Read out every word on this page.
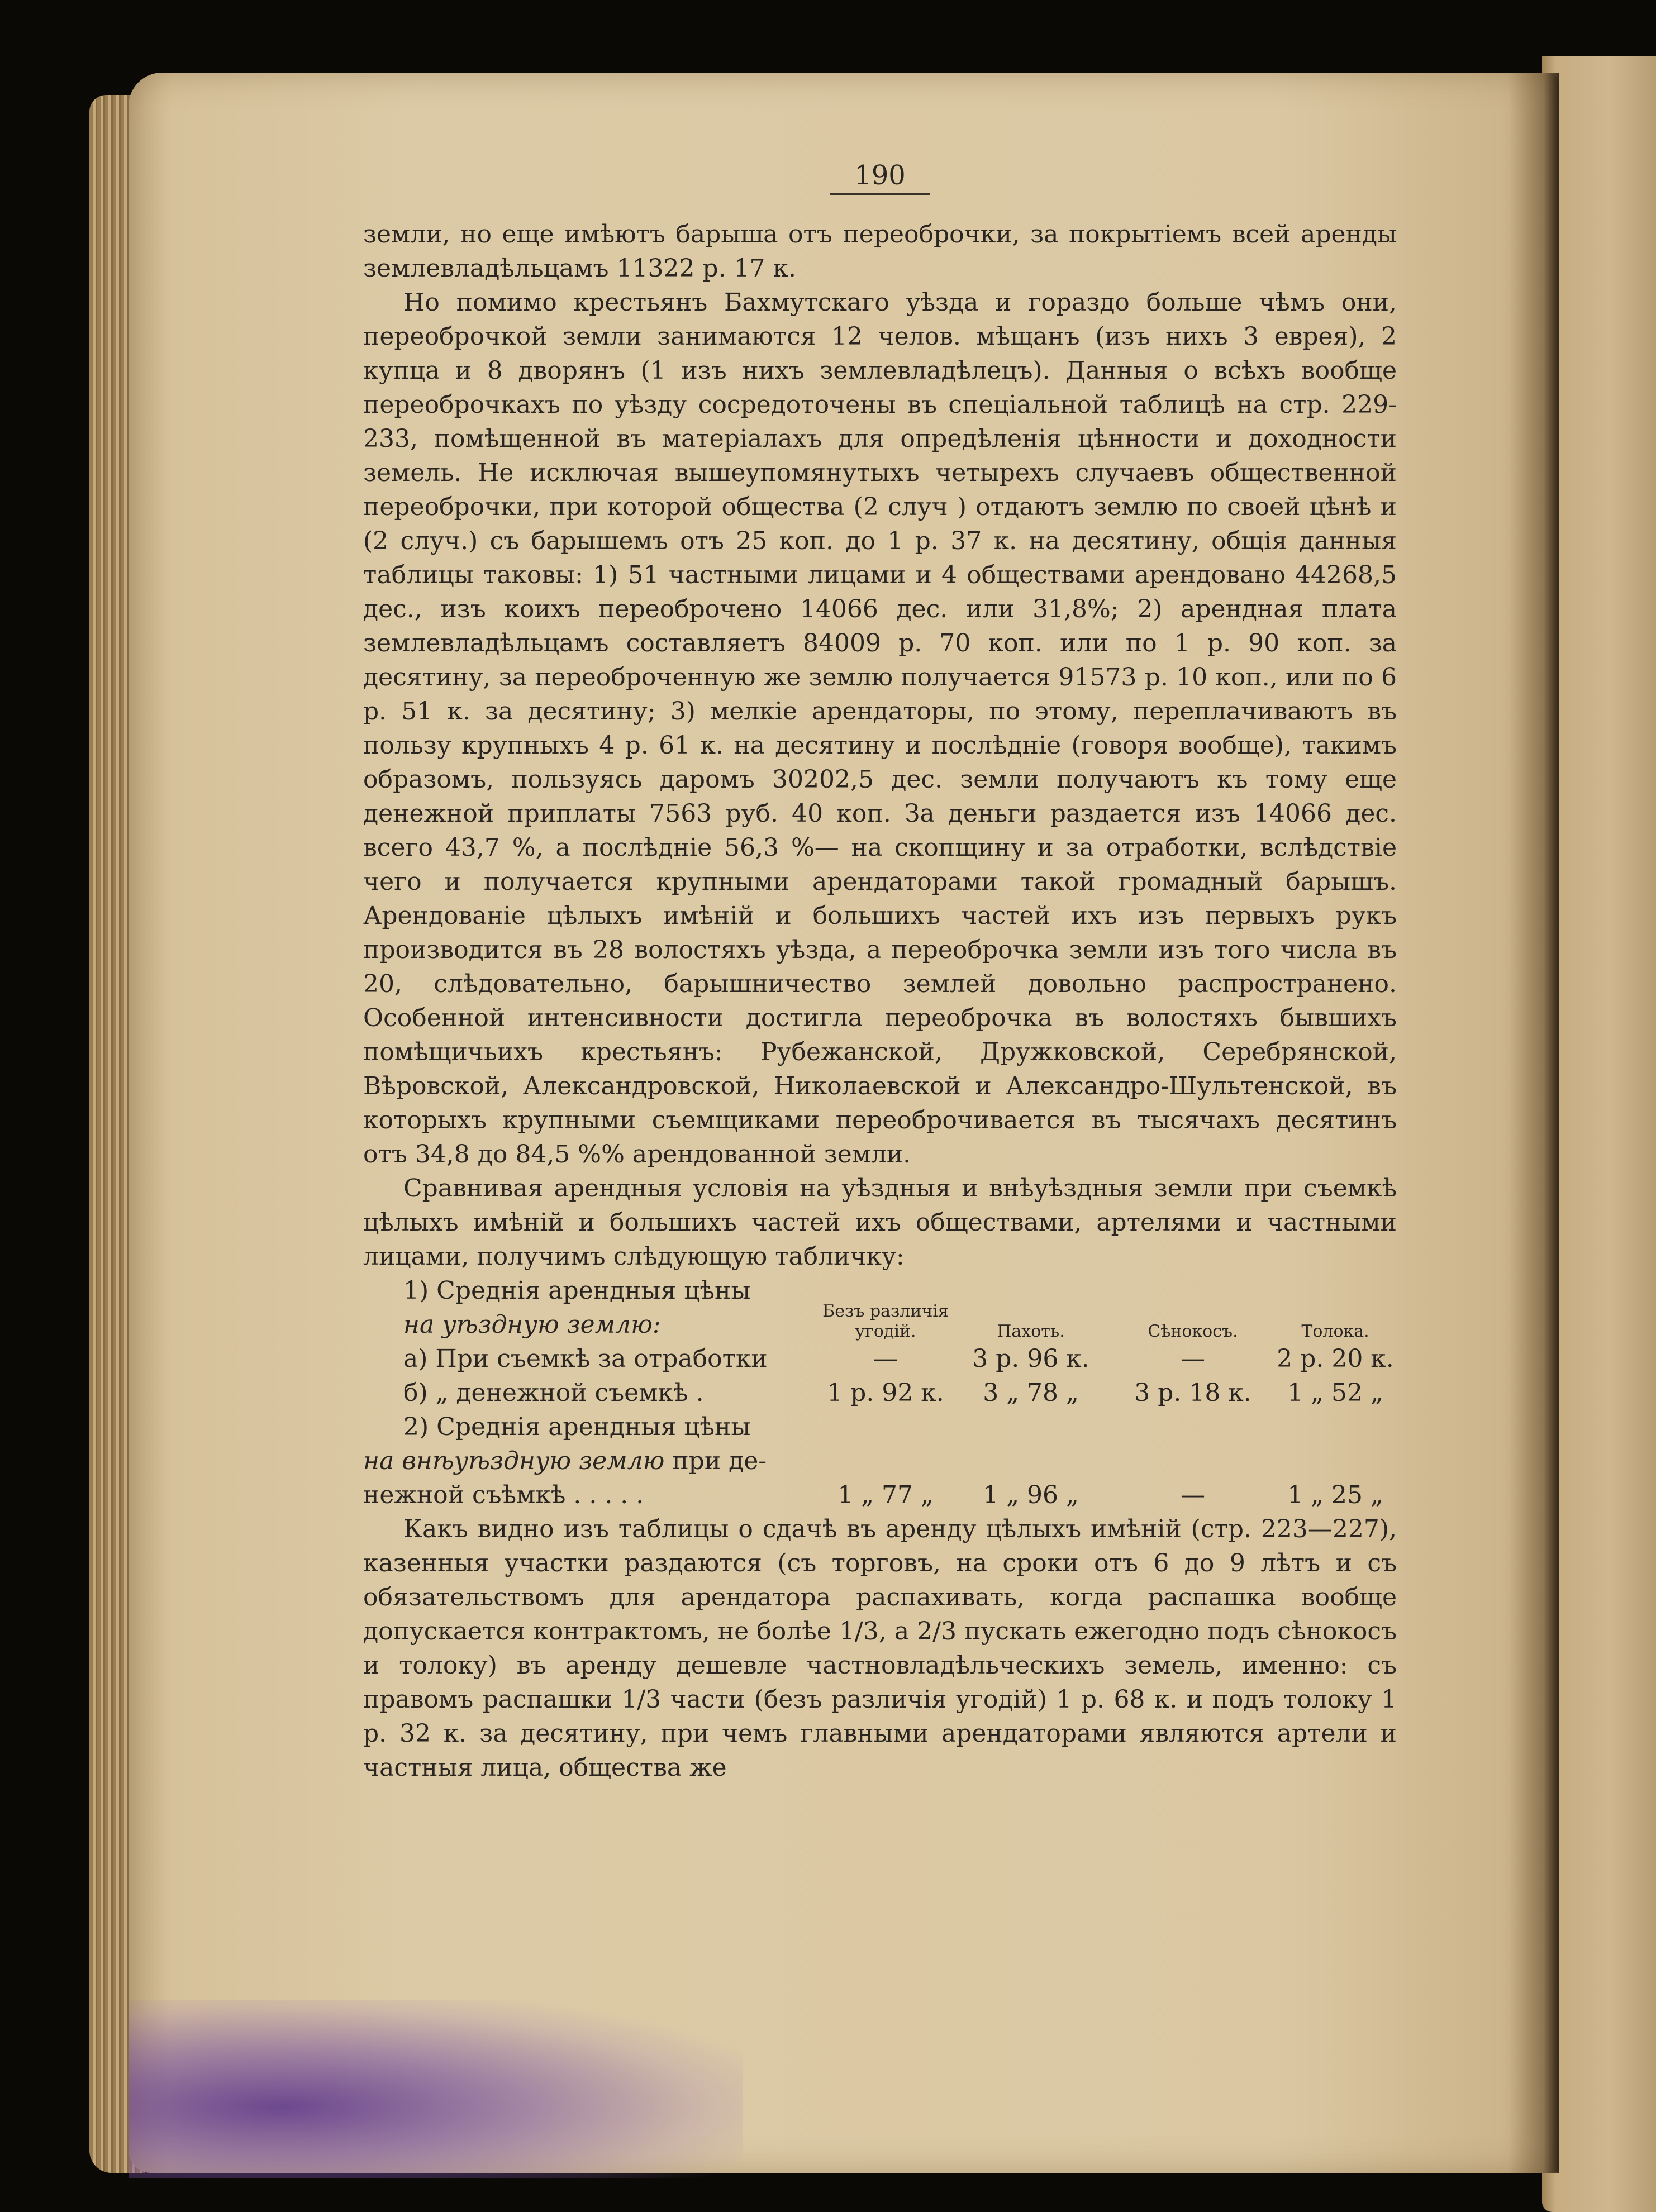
190

земли, но еще имѣютъ барыша отъ переоброчки, за покрытіемъ всей аренды землевладѣльцамъ 11322 р. 17 к.

Но помимо крестьянъ Бахмутскаго уѣзда и гораздо больше чѣмъ они, переоброчкой земли занимаются 12 челов. мѣщанъ (изъ нихъ 3 еврея), 2 купца и 8 дворянъ (1 изъ нихъ землевладѣлецъ). Данныя о всѣхъ вообще переоброчкахъ по уѣзду сосредоточены въ спеціальной таблицѣ на стр. 229- 233, помѣщенной въ матеріалахъ для опредѣленія цѣнности и доходности земель. Не исключая вышеупомянутыхъ четырехъ случаевъ общественной переоброчки, при которой общества (2 случ ) отдаютъ землю по своей цѣнѣ и (2 случ.) съ барышемъ отъ 25 коп. до 1 р. 37 к. на десятину, общія данныя таблицы таковы: 1) 51 частными лицами и 4 обществами арендовано 44268,5 дес., изъ коихъ переоброчено 14066 дес. или 31,8%; 2) арендная плата землевладѣльцамъ составляетъ 84009 р. 70 коп. или по 1 р. 90 коп. за десятину, за переоброченную же землю получается 91573 р. 10 коп., или по 6 р. 51 к. за десятину; 3) мелкіе арендаторы, по этому, переплачиваютъ въ пользу крупныхъ 4 р. 61 к. на десятину и послѣдніе (говоря вообще), такимъ образомъ, пользуясь даромъ 30202,5 дес. земли получаютъ къ тому еще денежной приплаты 7563 руб. 40 коп. За деньги раздается изъ 14066 дес. всего 43,7 %, а послѣдніе 56,3 %— на скопщину и за отработки, вслѣдствіе чего и получается крупными арендаторами такой громадный барышъ. Арендованіе цѣлыхъ имѣній и большихъ частей ихъ изъ первыхъ рукъ производится въ 28 волостяхъ уѣзда, а переоброчка земли изъ того числа въ 20, слѣдовательно, барышничество землей довольно распространено. Особенной интенсивности достигла переоброчка въ волостяхъ бывшихъ помѣщичьихъ крестьянъ: Рубежанской, Дружковской, Серебрянской, Вѣровской, Александровской, Николаевской и Александро-Шультенской, въ которыхъ крупными съемщиками переоброчивается въ тысячахъ десятинъ отъ 34,8 до 84,5 %% арендованной земли.

Сравнивая арендныя условія на уѣздныя и внѣуѣздныя земли при съемкѣ цѣлыхъ имѣній и большихъ частей ихъ обществами, артелями и частными лицами, получимъ слѣдующую табличку:

1) Среднія арендныя цѣны
на уѣздную землю:	Безъ различія угодій.	Пахоть.	Сѣнокосъ.	Толока.
а) При съемкѣ за отработки	—	3 р. 96 к.	—	2 р. 20 к.
б) „ денежной съемкѣ .	1 р. 92 к.	3 „ 78 „	3 р. 18 к.	1 „ 52 „
2) Среднія арендныя цѣны
на внѣуѣздную землю при де-
нежной съѣмкѣ . . . . .	1 „ 77 „	1 „ 96 „	—	1 „ 25 „

Какъ видно изъ таблицы о сдачѣ въ аренду цѣлыхъ имѣній (стр. 223—227), казенныя участки раздаются (съ торговъ, на сроки отъ 6 до 9 лѣтъ и съ обязательствомъ для арендатора распахивать, когда распашка вообще допускается контрактомъ, не болѣе 1/3, а 2/3 пускать ежегодно подъ сѣнокосъ и толоку) въ аренду дешевле частновладѣльческихъ земель, именно: съ правомъ распашки 1/3 части (безъ различія угодій) 1 р. 68 к. и подъ толоку 1 р. 32 к. за десятину, при чемъ главными арендаторами являются артели и частныя лица, общества же
